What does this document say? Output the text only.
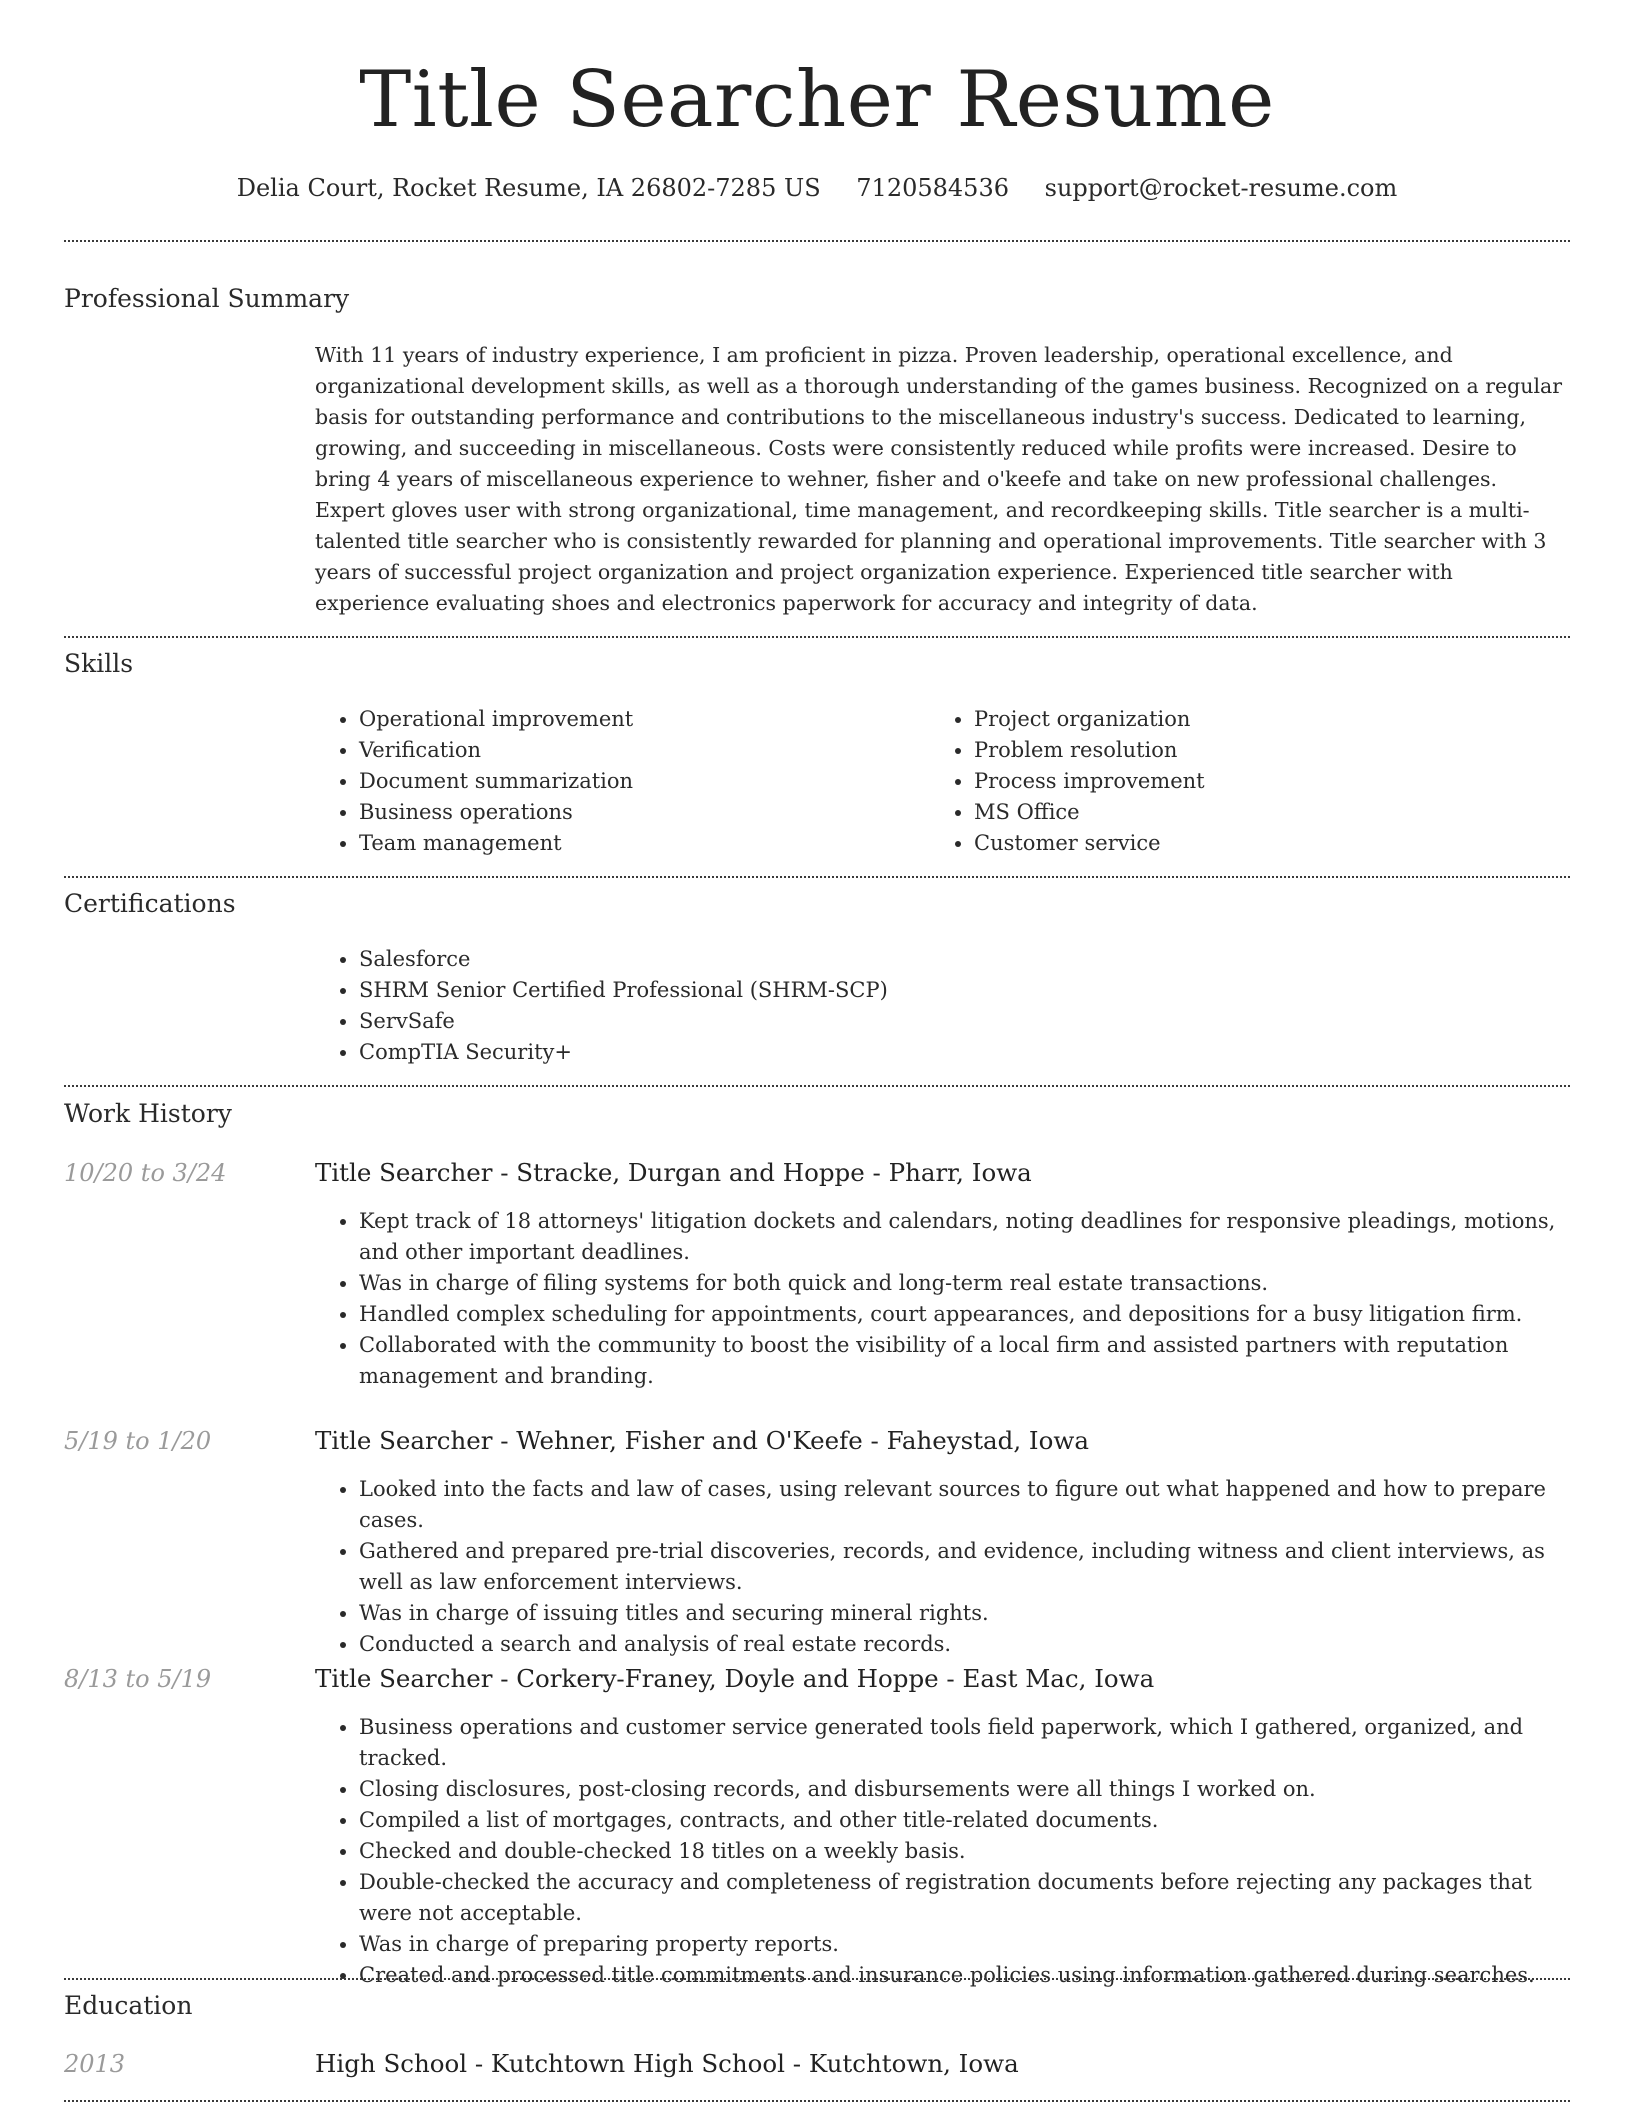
Title Searcher Resume
Delia Court, Rocket Resume, IA 26802-7285 US 7120584536 support@rocket-resume.com
Professional Summary

With 11 years of industry experience, I am proficient in pizza. Proven leadership, operational excellence, and organizational development skills, as well as a thorough understanding of the games business. Recognized on a regular basis for outstanding performance and contributions to the miscellaneous industry's success. Dedicated to learning, growing, and succeeding in miscellaneous. Costs were consistently reduced while profits were increased. Desire to bring 4 years of miscellaneous experience to wehner, fisher and o'keefe and take on new professional challenges. Expert gloves user with strong organizational, time management, and recordkeeping skills. Title searcher is a multi-talented title searcher who is consistently rewarded for planning and operational improvements. Title searcher with 3 years of successful project organization and project organization experience. Experienced title searcher with experience evaluating shoes and electronics paperwork for accuracy and integrity of data.

Skills
• Operational improvement
• Verification
• Document summarization
• Business operations
• Team management
• Project organization
• Problem resolution
• Process improvement
• MS Office
• Customer service
Certifications
• Salesforce
• SHRM Senior Certified Professional (SHRM-SCP)
• ServSafe
• CompTIA Security+
Work History
10/20 to 3/24	Title Searcher - Stracke, Durgan and Hoppe - Pharr, Iowa
• Kept track of 18 attorneys' litigation dockets and calendars, noting deadlines for responsive pleadings, motions, and other important deadlines.
• Was in charge of filing systems for both quick and long-term real estate transactions.
• Handled complex scheduling for appointments, court appearances, and depositions for a busy litigation firm.
• Collaborated with the community to boost the visibility of a local firm and assisted partners with reputation management and branding.
5/19 to 1/20	Title Searcher - Wehner, Fisher and O'Keefe - Faheystad, Iowa
• Looked into the facts and law of cases, using relevant sources to figure out what happened and how to prepare cases.
• Gathered and prepared pre-trial discoveries, records, and evidence, including witness and client interviews, as well as law enforcement interviews.
• Was in charge of issuing titles and securing mineral rights.
• Conducted a search and analysis of real estate records.
8/13 to 5/19	Title Searcher - Corkery-Franey, Doyle and Hoppe - East Mac, Iowa
• Business operations and customer service generated tools field paperwork, which I gathered, organized, and tracked.
• Closing disclosures, post-closing records, and disbursements were all things I worked on.
• Compiled a list of mortgages, contracts, and other title-related documents.
• Checked and double-checked 18 titles on a weekly basis.
• Double-checked the accuracy and completeness of registration documents before rejecting any packages that were not acceptable.
• Was in charge of preparing property reports.
• Created and processed title commitments and insurance policies using information gathered during searches.
Education
2013	High School - Kutchtown High School - Kutchtown, Iowa
